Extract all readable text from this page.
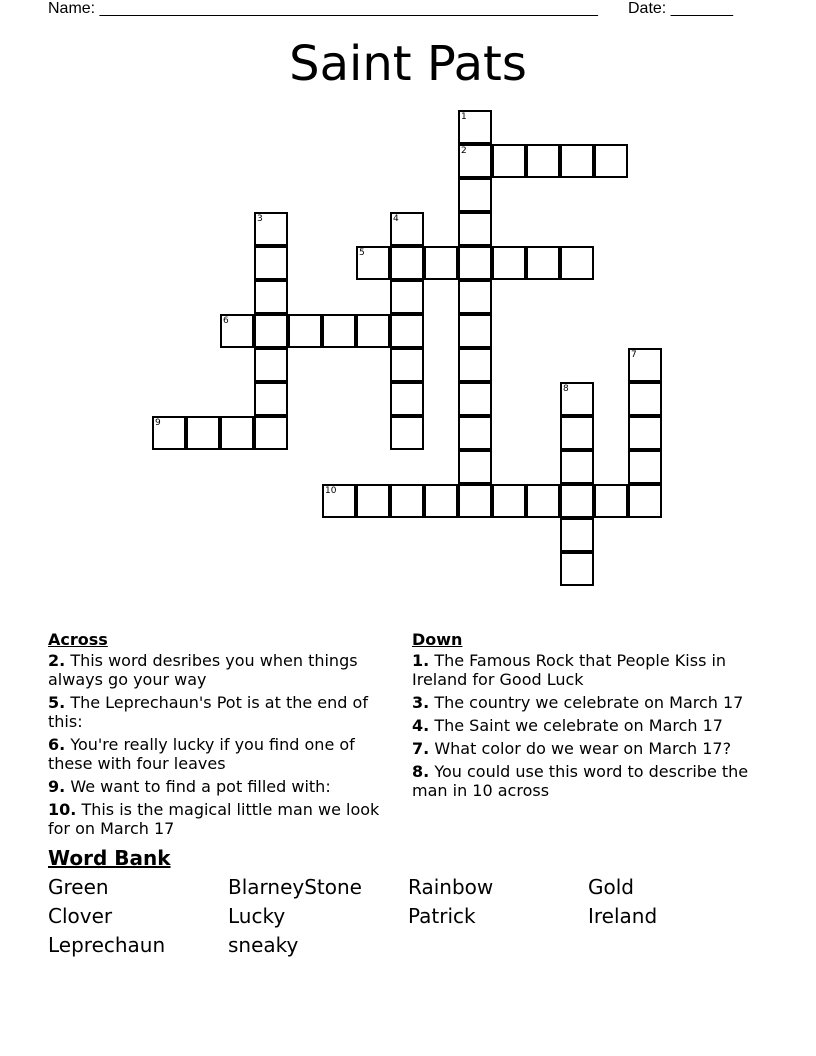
Name: ________________________________________________________ Date: _______
Saint Pats
1
2
3	4
5
6
7
8
9
10
Across
2. This word desribes you when things always go your way
5. The Leprechaun's Pot is at the end of this:
6. You're really lucky if you find one of these with four leaves
9. We want to find a pot filled with:
10. This is the magical little man we look for on March 17
Down
1. The Famous Rock that People Kiss in Ireland for Good Luck
3. The country we celebrate on March 17
4. The Saint we celebrate on March 17
7. What color do we wear on March 17?
8. You could use this word to describe the man in 10 across
Word Bank
Green	BlarneyStone	Rainbow	Gold
Clover	Lucky	Patrick	Ireland
Leprechaun	sneaky
